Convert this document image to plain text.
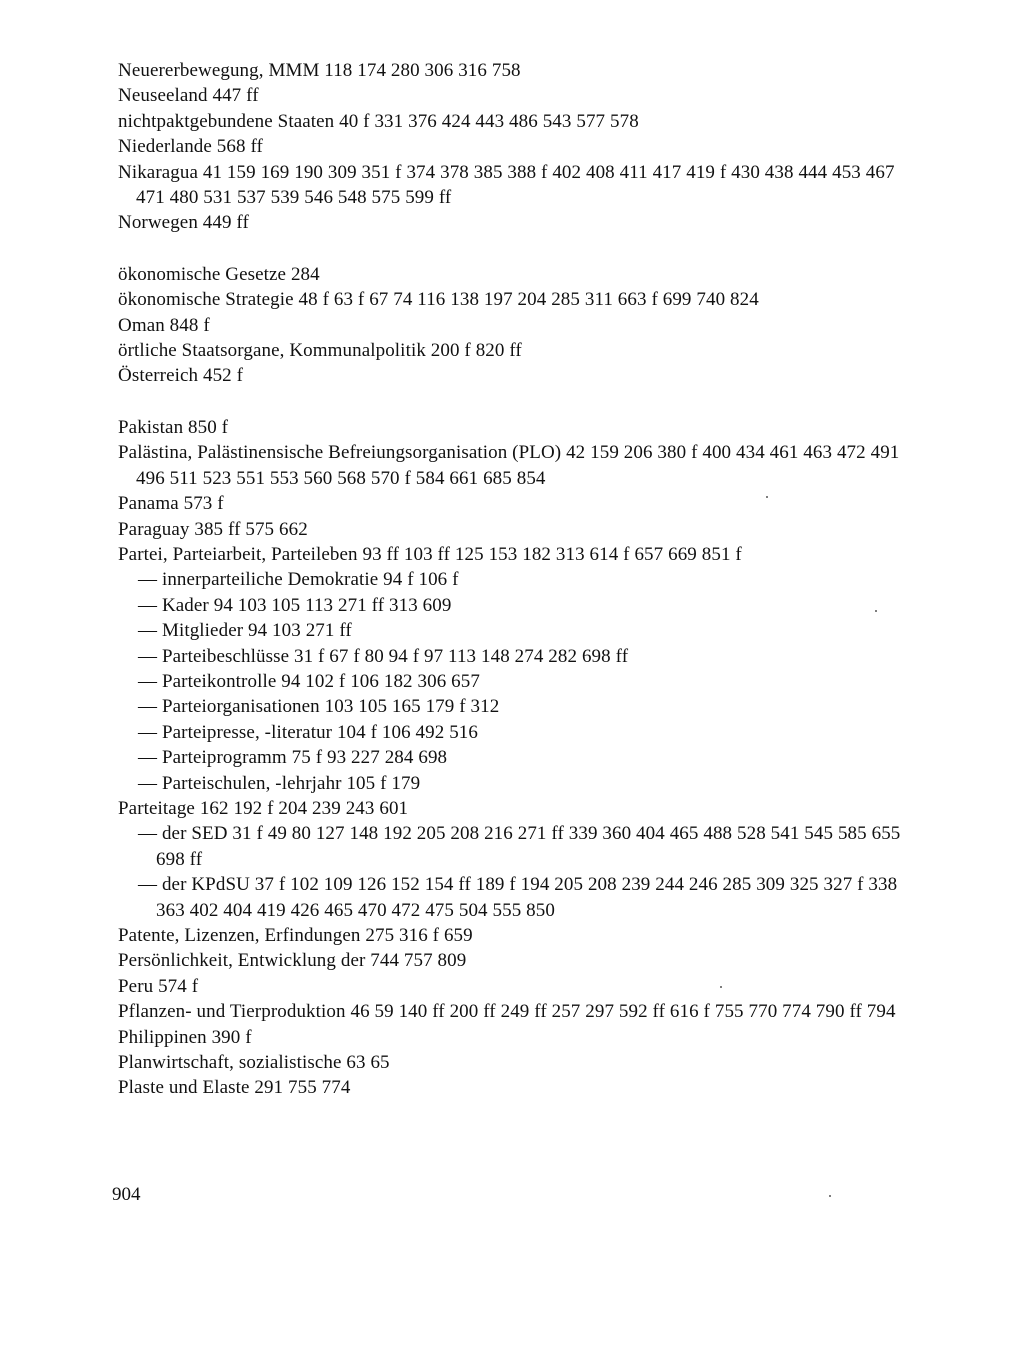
Neuererbewegung, MMM 118 174 280 306 316 758
Neuseeland 447 ff
nichtpaktgebundene Staaten 40 f 331 376 424 443 486 543 577 578
Niederlande 568 ff
Nikaragua 41 159 169 190 309 351 f 374 378 385 388 f 402 408 411 417 419 f 430 438 444 453 467 471 480 531 537 539 546 548 575 599 ff
Norwegen 449 ff
ökonomische Gesetze 284
ökonomische Strategie 48 f 63 f 67 74 116 138 197 204 285 311 663 f 699 740 824
Oman 848 f
örtliche Staatsorgane, Kommunalpolitik 200 f 820 ff
Österreich 452 f
Pakistan 850 f
Palästina, Palästinensische Befreiungsorganisation (PLO) 42 159 206 380 f 400 434 461 463 472 491 496 511 523 551 553 560 568 570 f 584 661 685 854
Panama 573 f
Paraguay 385 ff 575 662
Partei, Parteiarbeit, Parteileben 93 ff 103 ff 125 153 182 313 614 f 657 669 851 f
— innerparteiliche Demokratie 94 f 106 f
— Kader 94 103 105 113 271 ff 313 609
— Mitglieder 94 103 271 ff
— Parteibeschlüsse 31 f 67 f 80 94 f 97 113 148 274 282 698 ff
— Parteikontrolle 94 102 f 106 182 306 657
— Parteiorganisationen 103 105 165 179 f 312
— Parteipresse, -literatur 104 f 106 492 516
— Parteiprogramm 75 f 93 227 284 698
— Parteischulen, -lehrjahr 105 f 179
Parteitage 162 192 f 204 239 243 601
— der SED 31 f 49 80 127 148 192 205 208 216 271 ff 339 360 404 465 488 528 541 545 585 655 698 ff
— der KPdSU 37 f 102 109 126 152 154 ff 189 f 194 205 208 239 244 246 285 309 325 327 f 338 363 402 404 419 426 465 470 472 475 504 555 850
Patente, Lizenzen, Erfindungen 275 316 f 659
Persönlichkeit, Entwicklung der 744 757 809
Peru 574 f
Pflanzen- und Tierproduktion 46 59 140 ff 200 ff 249 ff 257 297 592 ff 616 f 755 770 774 790 ff 794
Philippinen 390 f
Planwirtschaft, sozialistische 63 65
Plaste und Elaste 291 755 774
904
